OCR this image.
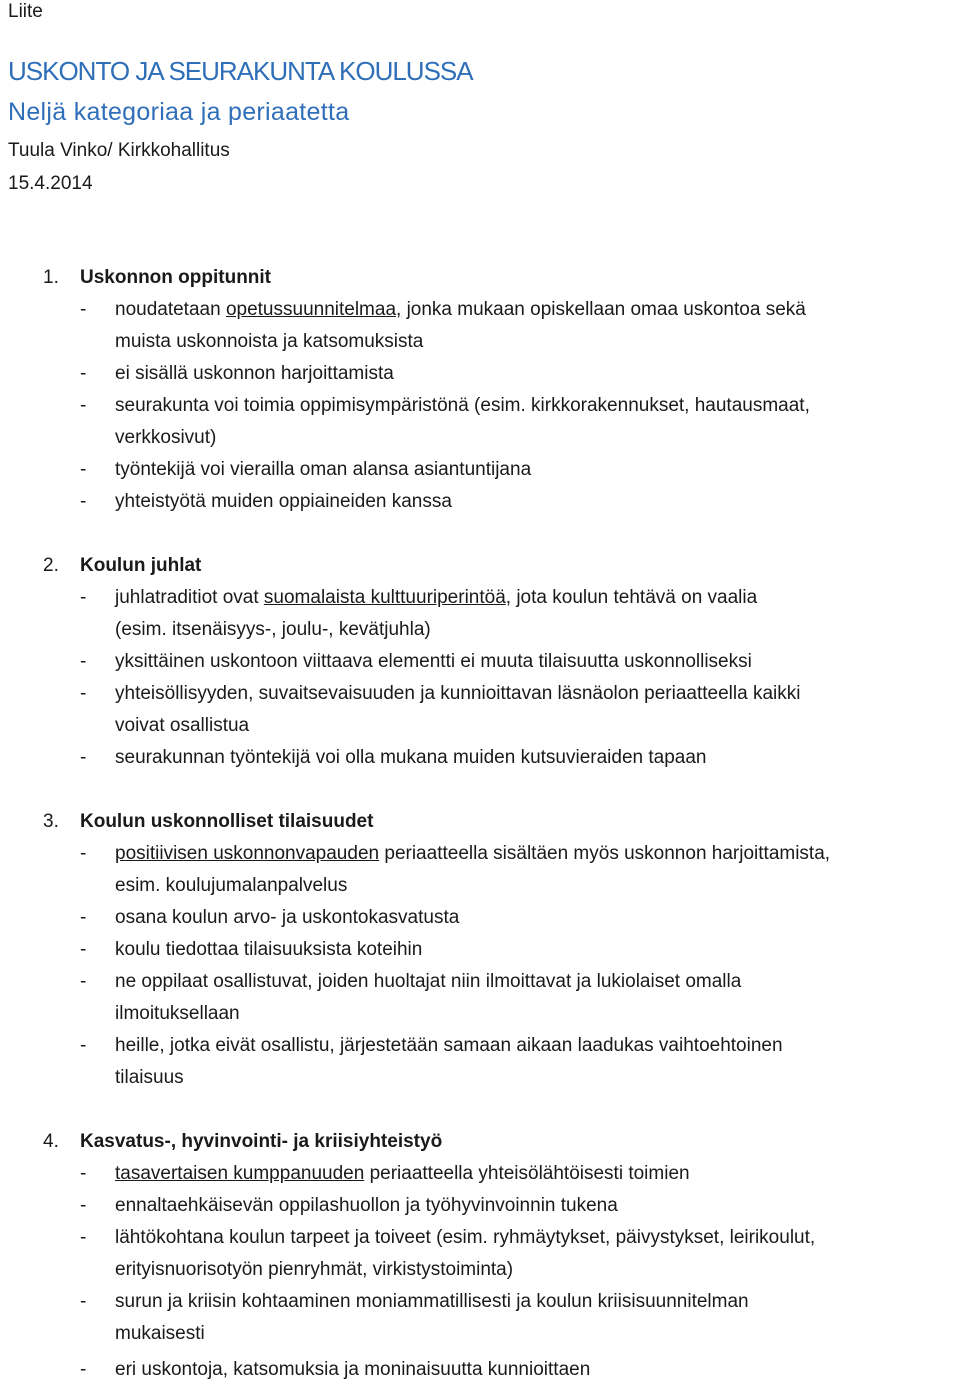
Liite
USKONTO JA SEURAKUNTA KOULUSSA
Neljä kategoriaa ja periaatetta
Tuula Vinko/ Kirkkohallitus
15.4.2014
1. Uskonnon oppitunnit
- noudatetaan opetussuunnitelmaa, jonka mukaan opiskellaan omaa uskontoa sekä
muista uskonnoista ja katsomuksista
- ei sisällä uskonnon harjoittamista
- seurakunta voi toimia oppimisympäristönä (esim. kirkkorakennukset, hautausmaat,
verkkosivut)
- työntekijä voi vierailla oman alansa asiantuntijana
- yhteistyötä muiden oppiaineiden kanssa
2. Koulun juhlat
- juhlatraditiot ovat suomalaista kulttuuriperintöä, jota koulun tehtävä on vaalia
(esim. itsenäisyys-, joulu-, kevätjuhla)
- yksittäinen uskontoon viittaava elementti ei muuta tilaisuutta uskonnolliseksi
- yhteisöllisyyden, suvaitsevaisuuden ja kunnioittavan läsnäolon periaatteella kaikki
voivat osallistua
- seurakunnan työntekijä voi olla mukana muiden kutsuvieraiden tapaan
3. Koulun uskonnolliset tilaisuudet
- positiivisen uskonnonvapauden periaatteella sisältäen myös uskonnon harjoittamista,
esim. koulujumalanpalvelus
- osana koulun arvo- ja uskontokasvatusta
- koulu tiedottaa tilaisuuksista koteihin
- ne oppilaat osallistuvat, joiden huoltajat niin ilmoittavat ja lukiolaiset omalla
ilmoituksellaan
- heille, jotka eivät osallistu, järjestetään samaan aikaan laadukas vaihtoehtoinen
tilaisuus
4. Kasvatus-, hyvinvointi- ja kriisiyhteistyö
- tasavertaisen kumppanuuden periaatteella yhteisölähtöisesti toimien
- ennaltaehkäisevän oppilashuollon ja työhyvinvoinnin tukena
- lähtökohtana koulun tarpeet ja toiveet (esim. ryhmäytykset, päivystykset, leirikoulut,
erityisnuorisotyön pienryhmät, virkistystoiminta)
- surun ja kriisin kohtaaminen moniammatillisesti ja koulun kriisisuunnitelman
mukaisesti
- eri uskontoja, katsomuksia ja moninaisuutta kunnioittaen
